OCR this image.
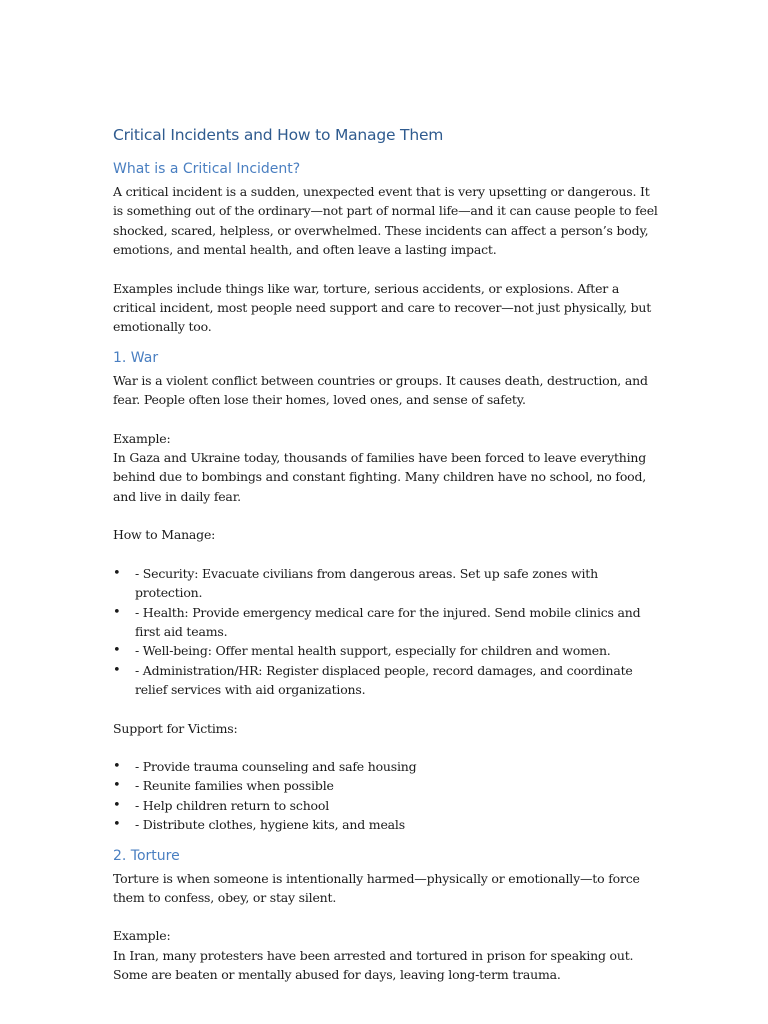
Critical Incidents and How to Manage Them
What is a Critical Incident?

A critical incident is a sudden, unexpected event that is very upsetting or dangerous. It is something out of the ordinary—not part of normal life—and it can cause people to feel shocked, scared, helpless, or overwhelmed. These incidents can affect a person’s body, emotions, and mental health, and often leave a lasting impact.

Examples include things like war, torture, serious accidents, or explosions. After a critical incident, most people need support and care to recover—not just physically, but emotionally too.

1. War

War is a violent conflict between countries or groups. It causes death, destruction, and fear. People often lose their homes, loved ones, and sense of safety.

Example:

In Gaza and Ukraine today, thousands of families have been forced to leave everything behind due to bombings and constant fighting. Many children have no school, no food, and live in daily fear.

How to Manage:

• - Security: Evacuate civilians from dangerous areas. Set up safe zones with protection.
• - Health: Provide emergency medical care for the injured. Send mobile clinics and first aid teams.
• - Well-being: Offer mental health support, especially for children and women.
• - Administration/HR: Register displaced people, record damages, and coordinate relief services with aid organizations.

Support for Victims:

• - Provide trauma counseling and safe housing
• - Reunite families when possible
• - Help children return to school
• - Distribute clothes, hygiene kits, and meals
2. Torture

Torture is when someone is intentionally harmed—physically or emotionally—to force them to confess, obey, or stay silent.

Example:

In Iran, many protesters have been arrested and tortured in prison for speaking out. Some are beaten or mentally abused for days, leaving long-term trauma.
